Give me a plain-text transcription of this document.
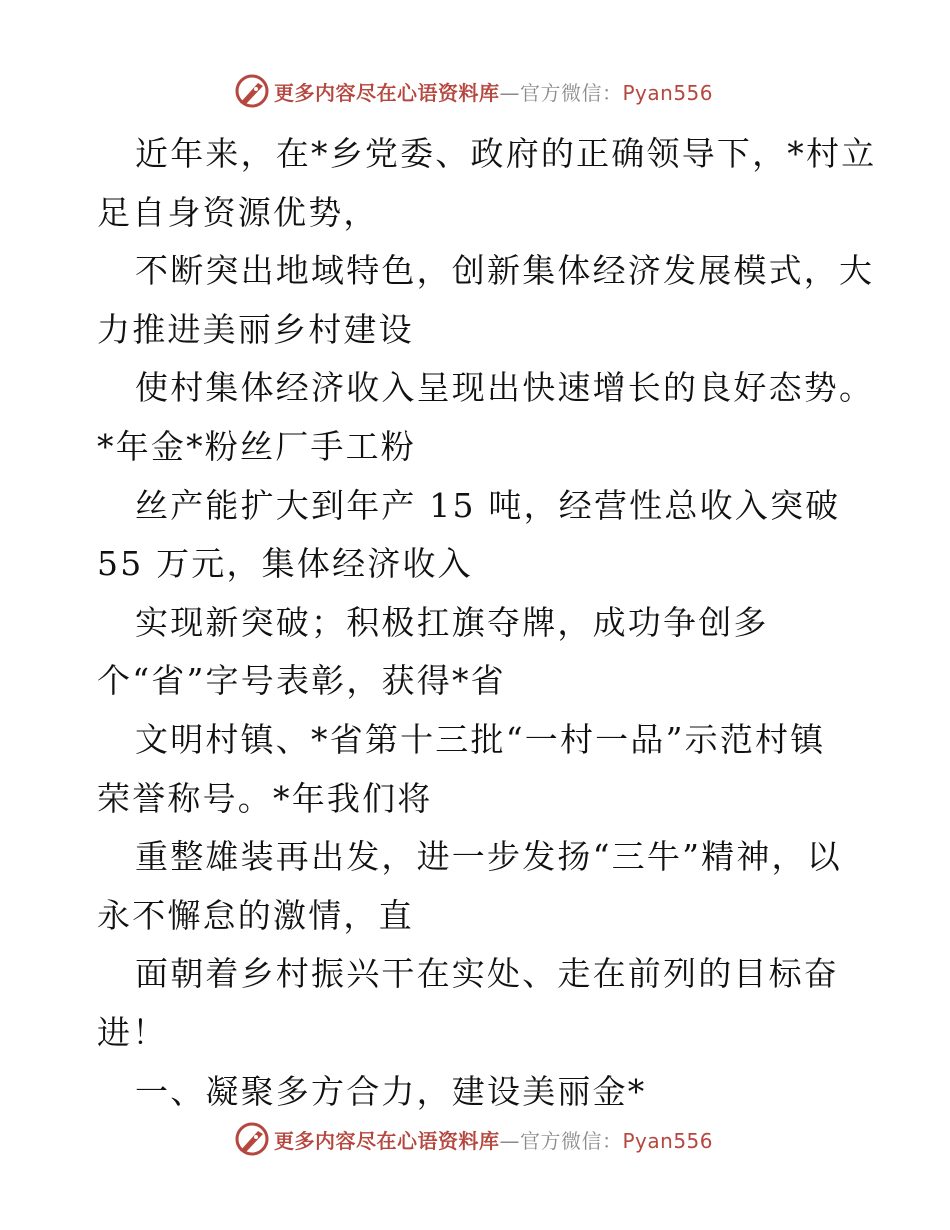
更多内容尽在心语资料库—官方微信：Pyan556
近年来，在*乡党委、政府的正确领导下，*村立
足自身资源优势，
不断突出地域特色，创新集体经济发展模式，大
力推进美丽乡村建设
使村集体经济收入呈现出快速增长的良好态势。
*年金*粉丝厂手工粉
丝产能扩大到年产 15 吨，经营性总收入突破
55 万元，集体经济收入
实现新突破；积极扛旗夺牌，成功争创多
个“省”字号表彰，获得*省
文明村镇、*省第十三批“一村一品”示范村镇
荣誉称号。*年我们将
重整雄装再出发，进一步发扬“三牛”精神，以
永不懈怠的激情，直
面朝着乡村振兴干在实处、走在前列的目标奋
进！
一、凝聚多方合力，建设美丽金*
更多内容尽在心语资料库—官方微信：Pyan556
